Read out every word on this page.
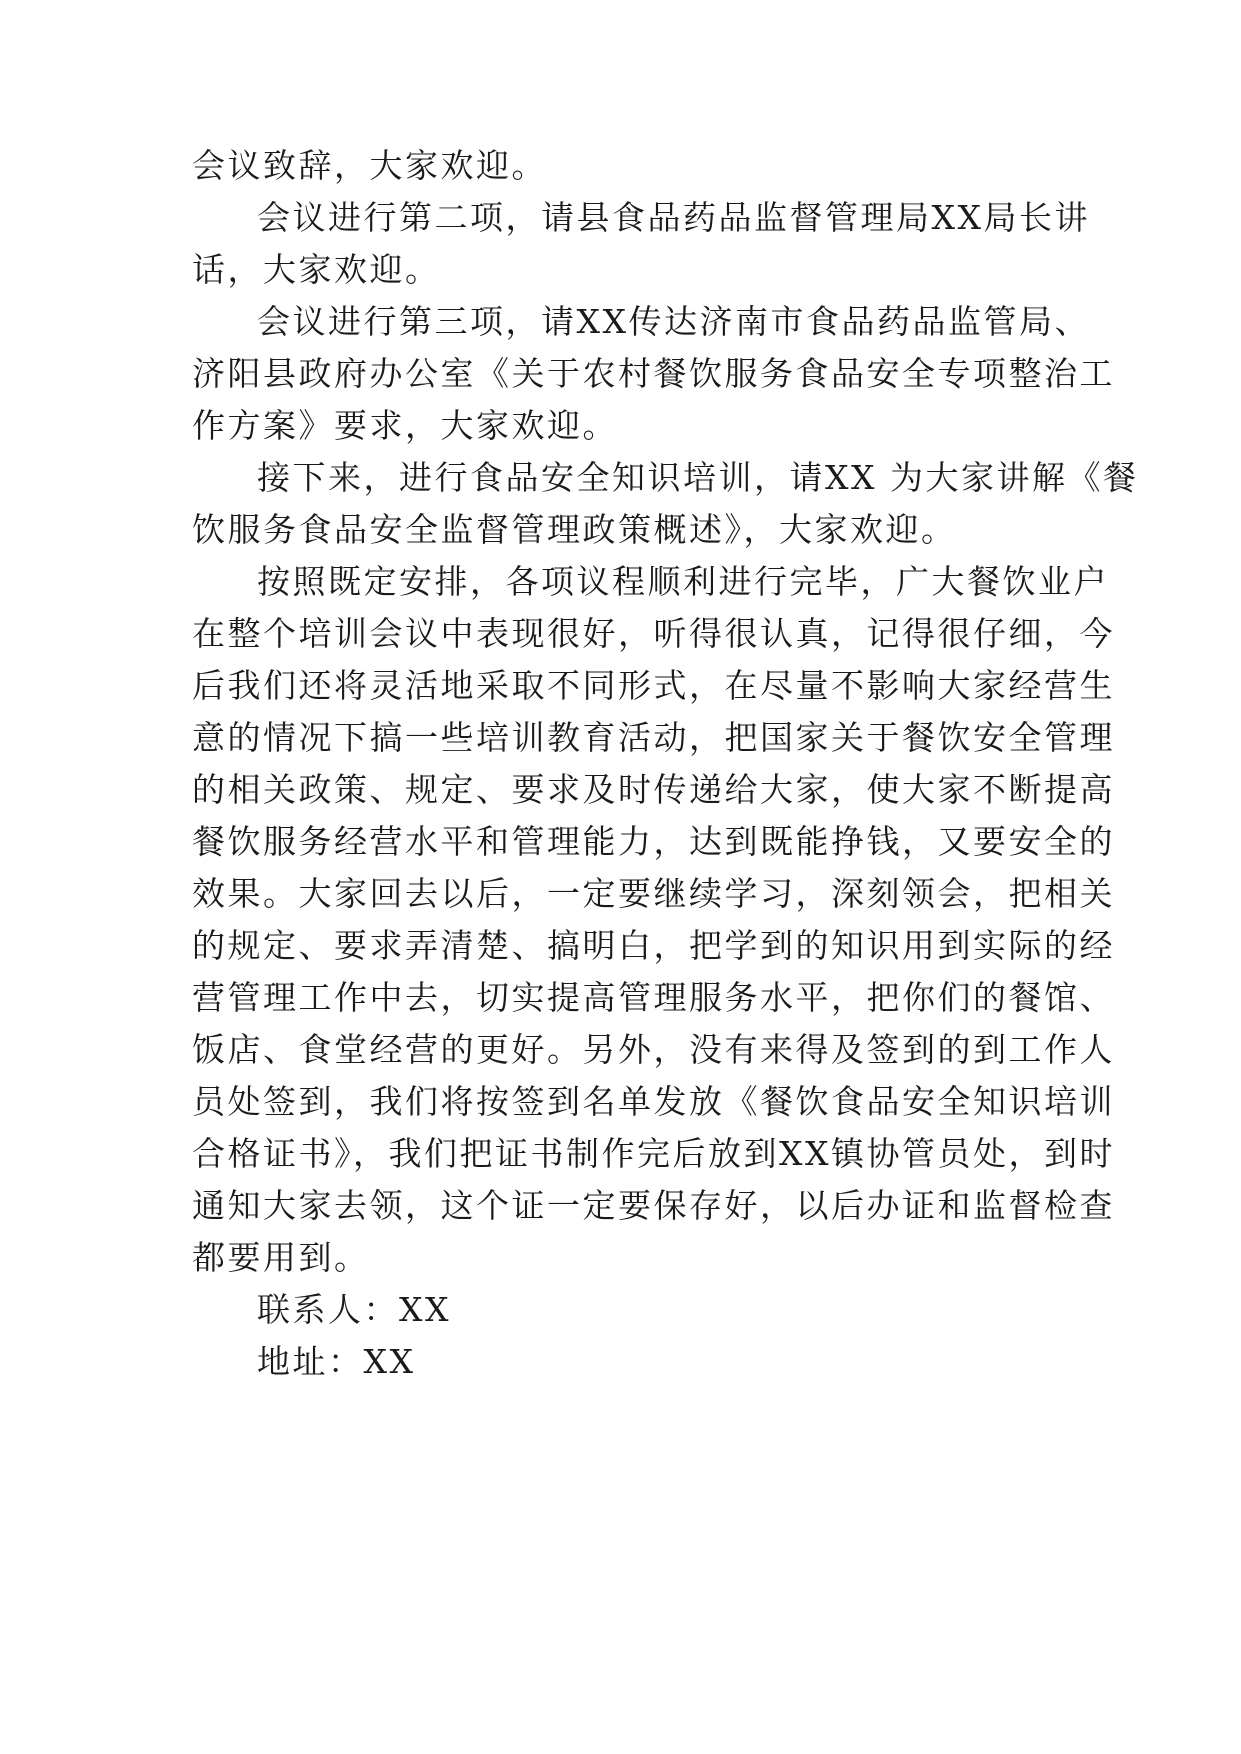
会议致辞，大家欢迎。
会议进行第二项，请县食品药品监督管理局XX局长讲
话，大家欢迎。
会议进行第三项，请XX传达济南市食品药品监管局、
济阳县政府办公室《关于农村餐饮服务食品安全专项整治工
作方案》要求，大家欢迎。
接下来，进行食品安全知识培训，请XX 为大家讲解《餐
饮服务食品安全监督管理政策概述》，大家欢迎。
按照既定安排，各项议程顺利进行完毕，广大餐饮业户
在整个培训会议中表现很好，听得很认真，记得很仔细，今
后我们还将灵活地采取不同形式，在尽量不影响大家经营生
意的情况下搞一些培训教育活动，把国家关于餐饮安全管理
的相关政策、规定、要求及时传递给大家，使大家不断提高
餐饮服务经营水平和管理能力，达到既能挣钱，又要安全的
效果。大家回去以后，一定要继续学习，深刻领会，把相关
的规定、要求弄清楚、搞明白，把学到的知识用到实际的经
营管理工作中去，切实提高管理服务水平，把你们的餐馆、
饭店、食堂经营的更好。另外，没有来得及签到的到工作人
员处签到，我们将按签到名单发放《餐饮食品安全知识培训
合格证书》，我们把证书制作完后放到XX镇协管员处，到时
通知大家去领，这个证一定要保存好，以后办证和监督检查
都要用到。
联系人：XX
地址：XX
